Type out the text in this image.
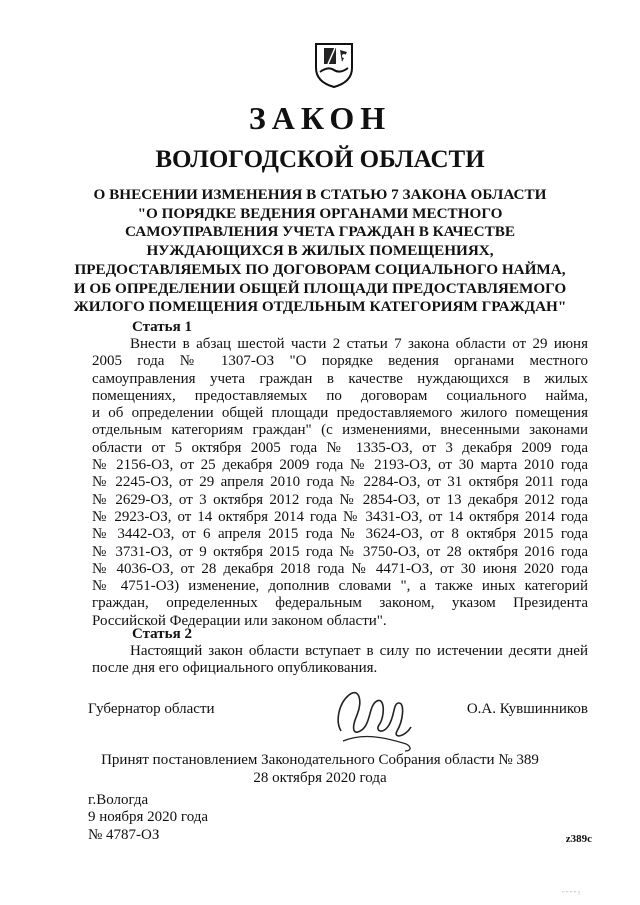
ЗАКОН
ВОЛОГОДСКОЙ ОБЛАСТИ
О ВНЕСЕНИИ ИЗМЕНЕНИЯ В СТАТЬЮ 7 ЗАКОНА ОБЛАСТИ
"О ПОРЯДКЕ ВЕДЕНИЯ ОРГАНАМИ МЕСТНОГО
САМОУПРАВЛЕНИЯ УЧЕТА ГРАЖДАН В КАЧЕСТВЕ
НУЖДАЮЩИХСЯ В ЖИЛЫХ ПОМЕЩЕНИЯХ,
ПРЕДОСТАВЛЯЕМЫХ ПО ДОГОВОРАМ СОЦИАЛЬНОГО НАЙМА,
И ОБ ОПРЕДЕЛЕНИИ ОБЩЕЙ ПЛОЩАДИ ПРЕДОСТАВЛЯЕМОГО
ЖИЛОГО ПОМЕЩЕНИЯ ОТДЕЛЬНЫМ КАТЕГОРИЯМ ГРАЖДАН"
Статья 1
Внести в абзац шестой части 2 статьи 7 закона области от 29 июня
2005 года № 1307-ОЗ "О порядке ведения органами местного
самоуправления учета граждан в качестве нуждающихся в жилых
помещениях, предоставляемых по договорам социального найма,
и об определении общей площади предоставляемого жилого помещения
отдельным категориям граждан" (с изменениями, внесенными законами
области от 5 октября 2005 года № 1335-ОЗ, от 3 декабря 2009 года
№ 2156-ОЗ, от 25 декабря 2009 года № 2193-ОЗ, от 30 марта 2010 года
№ 2245-ОЗ, от 29 апреля 2010 года № 2284-ОЗ, от 31 октября 2011 года
№ 2629-ОЗ, от 3 октября 2012 года № 2854-ОЗ, от 13 декабря 2012 года
№ 2923-ОЗ, от 14 октября 2014 года № 3431-ОЗ, от 14 октября 2014 года
№ 3442-ОЗ, от 6 апреля 2015 года № 3624-ОЗ, от 8 октября 2015 года
№ 3731-ОЗ, от 9 октября 2015 года № 3750-ОЗ, от 28 октября 2016 года
№ 4036-ОЗ, от 28 декабря 2018 года № 4471-ОЗ, от 30 июня 2020 года
№ 4751-ОЗ) изменение, дополнив словами ", а также иных категорий
граждан, определенных федеральным законом, указом Президента
Российской Федерации или законом области".
Статья 2
Настоящий закон области вступает в силу по истечении десяти дней
после дня его официального опубликования.
Губернатор области	О.А. Кувшинников
Принят постановлением Законодательного Собрания области № 389
28 октября 2020 года
г.Вологда
9 ноября 2020 года
№ 4787-ОЗ	z389c
" " " " !
